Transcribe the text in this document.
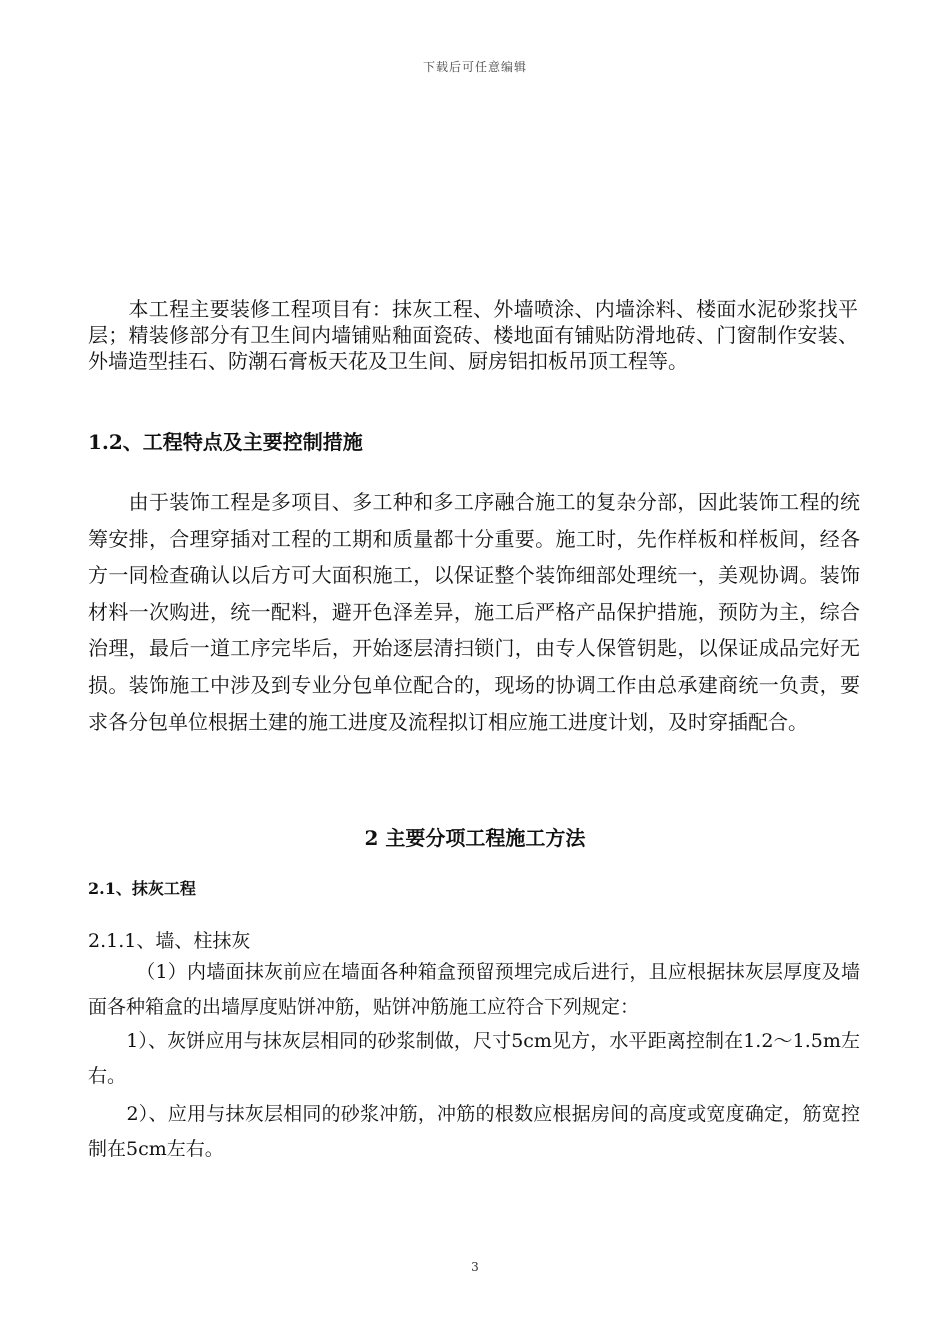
下载后可任意编辑

　　本工程主要装修工程项目有：抹灰工程、外墙喷涂、内墙涂料、楼面水泥砂浆找平层；精装修部分有卫生间内墙铺贴釉面瓷砖、楼地面有铺贴防滑地砖、门窗制作安装、外墙造型挂石、防潮石膏板天花及卫生间、厨房铝扣板吊顶工程等。

1.2、工程特点及主要控制措施

　　由于装饰工程是多项目、多工种和多工序融合施工的复杂分部，因此装饰工程的统筹安排，合理穿插对工程的工期和质量都十分重要。施工时，先作样板和样板间，经各方一同检查确认以后方可大面积施工，以保证整个装饰细部处理统一，美观协调。装饰材料一次购进，统一配料，避开色泽差异，施工后严格产品保护措施，预防为主，综合治理，最后一道工序完毕后，开始逐层清扫锁门，由专人保管钥匙，以保证成品完好无损。装饰施工中涉及到专业分包单位配合的，现场的协调工作由总承建商统一负责，要求各分包单位根据土建的施工进度及流程拟订相应施工进度计划，及时穿插配合。

2 主要分项工程施工方法
2.1、抹灰工程
2.1.1、墙、柱抹灰

　　　（1）内墙面抹灰前应在墙面各种箱盒预留预埋完成后进行，且应根据抹灰层厚度及墙面各种箱盒的出墙厚度贴饼冲筋，贴饼冲筋施工应符合下列规定：

　　1）、灰饼应用与抹灰层相同的砂浆制做，尺寸5cm见方，水平距离控制在1.2～1.5m左右。

　　2）、应用与抹灰层相同的砂浆冲筋，冲筋的根数应根据房间的高度或宽度确定，筋宽控制在5cm左右。

3
